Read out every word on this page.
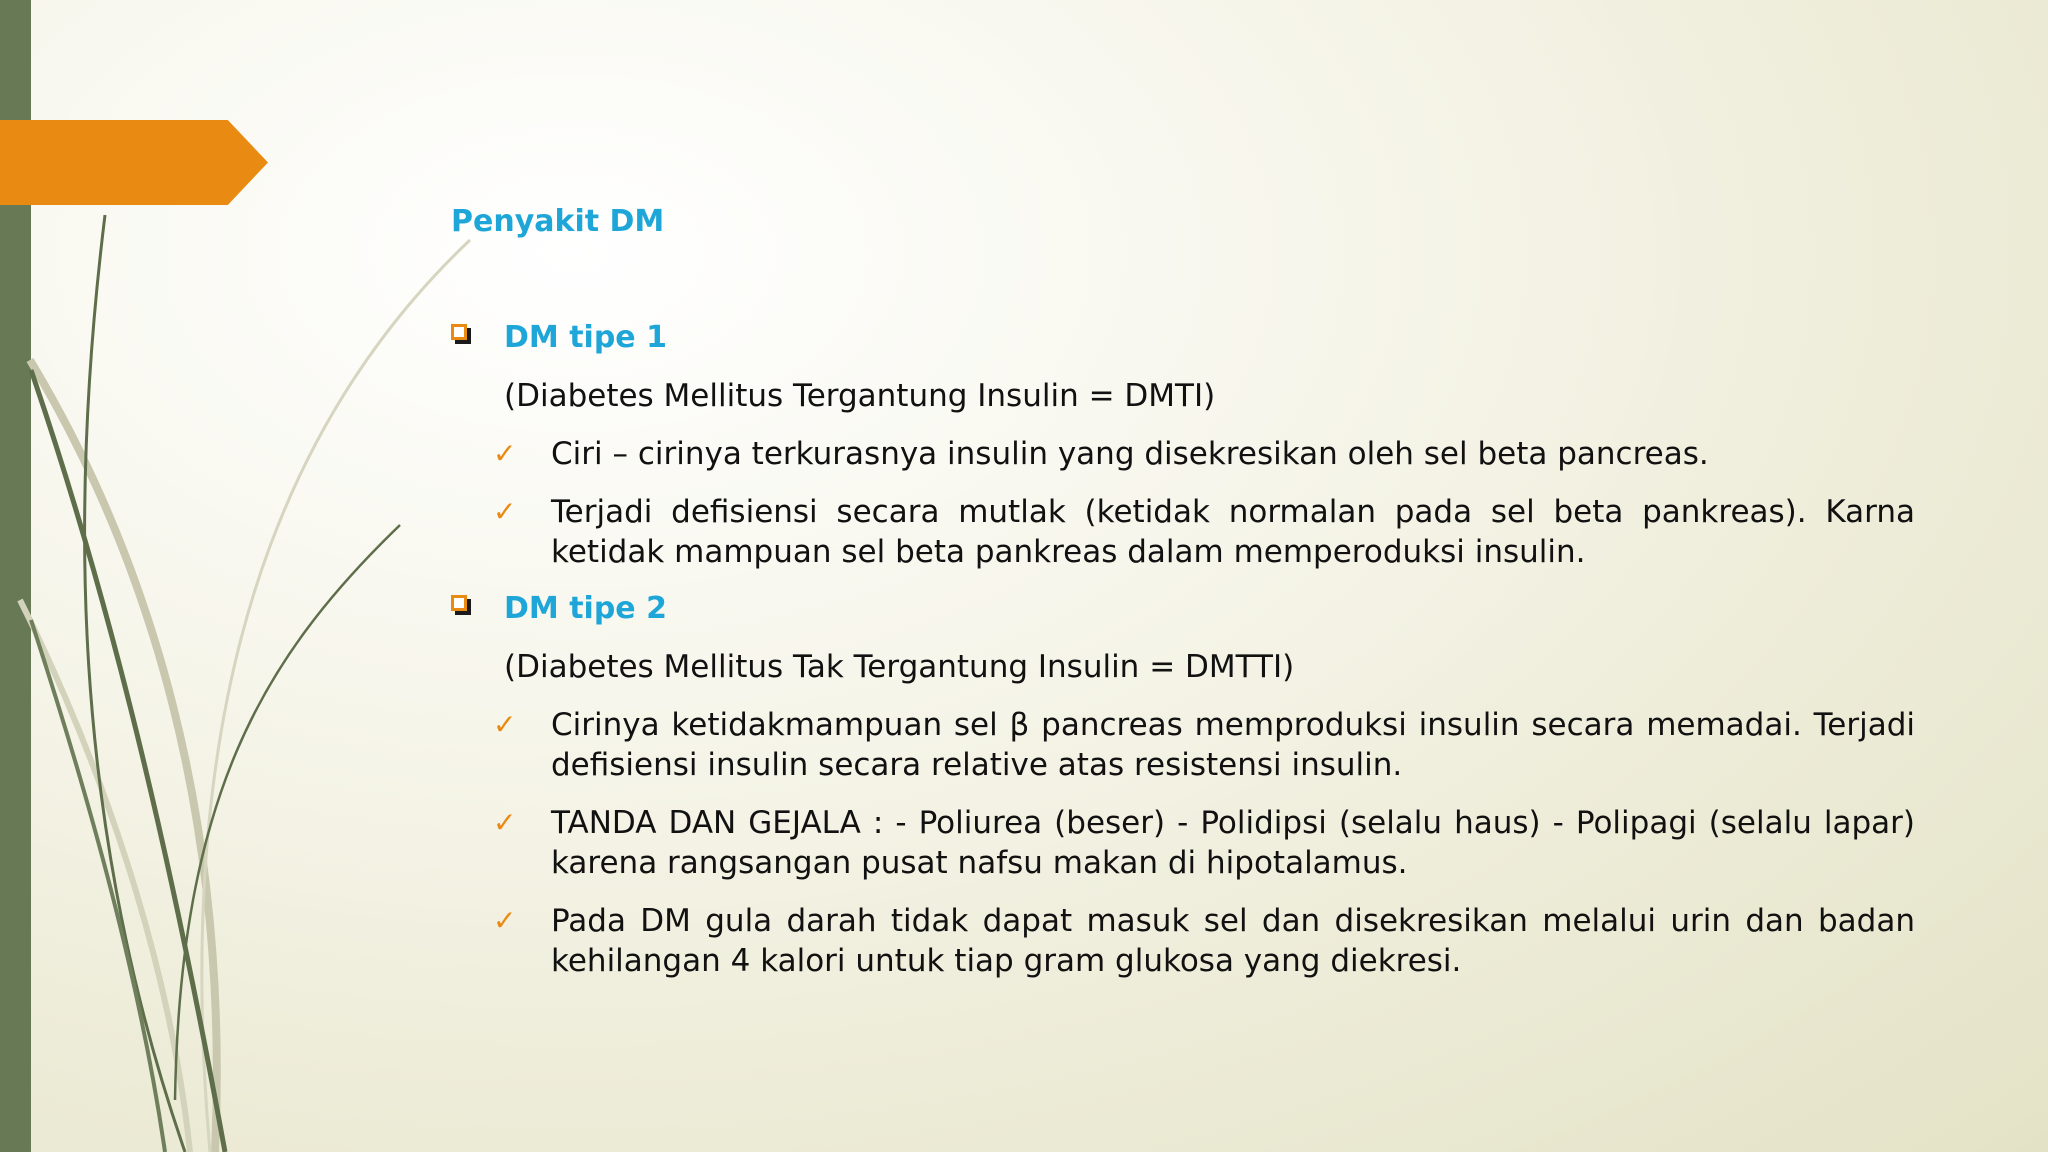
Penyakit DM
DM tipe 1
(Diabetes Mellitus Tergantung Insulin = DMTI)
✓ Ciri – cirinya terkurasnya insulin yang disekresikan oleh sel beta pancreas.
✓ Terjadi defisiensi secara mutlak (ketidak normalan pada sel beta pankreas). Karna ketidak mampuan sel beta pankreas dalam memperoduksi insulin.
DM tipe 2
(Diabetes Mellitus Tak Tergantung Insulin = DMTTI)
✓ Cirinya ketidakmampuan sel β pancreas memproduksi insulin secara memadai. Terjadi defisiensi insulin secara relative atas resistensi insulin.
✓ TANDA DAN GEJALA : - Poliurea (beser) - Polidipsi (selalu haus) - Polipagi (selalu lapar) karena rangsangan pusat nafsu makan di hipotalamus.
✓ Pada DM gula darah tidak dapat masuk sel dan disekresikan melalui urin dan badan kehilangan 4 kalori untuk tiap gram glukosa yang diekresi.
